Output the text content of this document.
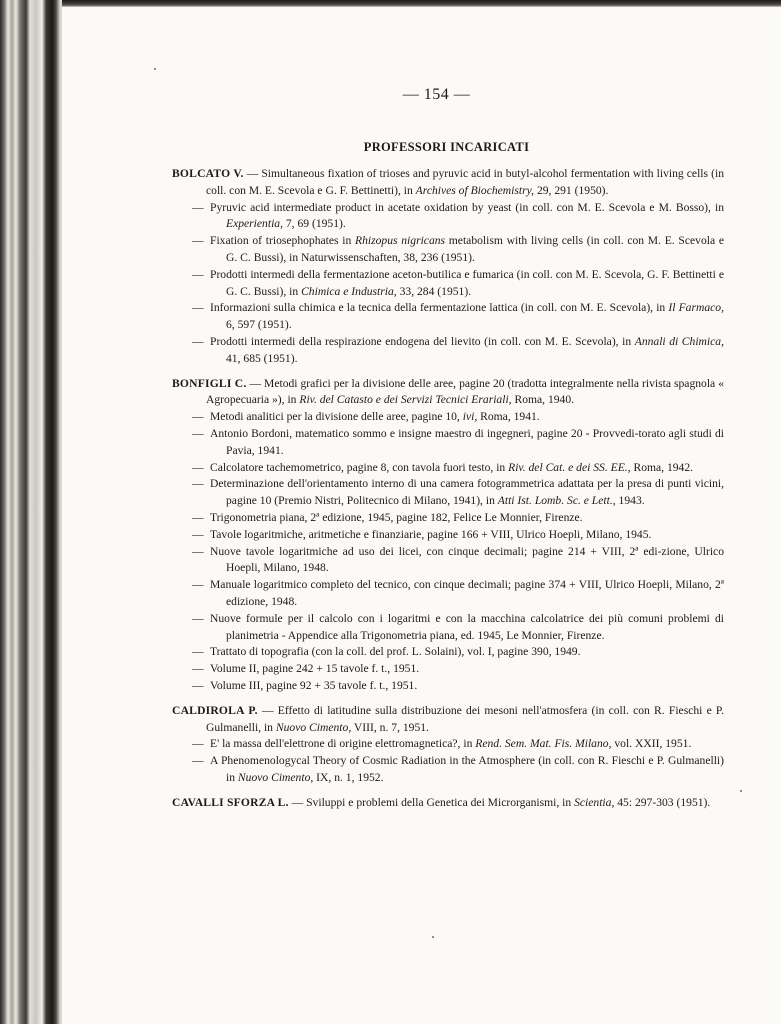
— 154 —
PROFESSORI INCARICATI

BOLCATO V. — Simultaneous fixation of trioses and pyruvic acid in butyl-alcohol fermentation with living cells (in coll. con M. E. Scevola e G. F. Bettinetti), in Archives of Biochemistry, 29, 291 (1950).

— Pyruvic acid intermediate product in acetate oxidation by yeast (in coll. con M. E. Scevola e M. Bosso), in Experientia, 7, 69 (1951).

— Fixation of triosephophates in Rhizopus nigricans metabolism with living cells (in coll. con M. E. Scevola e G. C. Bussi), in Naturwissenschaften, 38, 236 (1951).

— Prodotti intermedi della fermentazione aceton-butilica e fumarica (in coll. con M. E. Scevola, G. F. Bettinetti e G. C. Bussi), in Chimica e Industria, 33, 284 (1951).

— Informazioni sulla chimica e la tecnica della fermentazione lattica (in coll. con M. E. Scevola), in Il Farmaco, 6, 597 (1951).

— Prodotti intermedi della respirazione endogena del lievito (in coll. con M. E. Scevola), in Annali di Chimica, 41, 685 (1951).

BONFIGLI C. — Metodi grafici per la divisione delle aree, pagine 20 (tradotta integralmente nella rivista spagnola « Agropecuaria »), in Riv. del Catasto e dei Servizi Tecnici Erariali, Roma, 1940.

— Metodi analitici per la divisione delle aree, pagine 10, ivi, Roma, 1941.

— Antonio Bordoni, matematico sommo e insigne maestro di ingegneri, pagine 20 - Provvedi-torato agli studi di Pavia, 1941.

— Calcolatore tachemometrico, pagine 8, con tavola fuori testo, in Riv. del Cat. e dei SS. EE., Roma, 1942.

— Determinazione dell'orientamento interno di una camera fotogrammetrica adattata per la presa di punti vicini, pagine 10 (Premio Nistri, Politecnico di Milano, 1941), in Atti Ist. Lomb. Sc. e Lett., 1943.

— Trigonometria piana, 2ª edizione, 1945, pagine 182, Felice Le Monnier, Firenze.

— Tavole logaritmiche, aritmetiche e finanziarie, pagine 166 + VIII, Ulrico Hoepli, Milano, 1945.

— Nuove tavole logaritmiche ad uso dei licei, con cinque decimali; pagine 214 + VIII, 2ª edi-zione, Ulrico Hoepli, Milano, 1948.

— Manuale logaritmico completo del tecnico, con cinque decimali; pagine 374 + VIII, Ulrico Hoepli, Milano, 2ª edizione, 1948.

— Nuove formule per il calcolo con i logaritmi e con la macchina calcolatrice dei più comuni problemi di planimetria - Appendice alla Trigonometria piana, ed. 1945, Le Monnier, Firenze.

— Trattato di topografia (con la coll. del prof. L. Solaini), vol. I, pagine 390, 1949.

— Volume II, pagine 242 + 15 tavole f. t., 1951.

— Volume III, pagine 92 + 35 tavole f. t., 1951.

CALDIROLA P. — Effetto di latitudine sulla distribuzione dei mesoni nell'atmosfera (in coll. con R. Fieschi e P. Gulmanelli, in Nuovo Cimento, VIII, n. 7, 1951.

— E' la massa dell'elettrone di origine elettromagnetica?, in Rend. Sem. Mat. Fis. Milano, vol. XXII, 1951.

— A Phenomenologycal Theory of Cosmic Radiation in the Atmosphere (in coll. con R. Fieschi e P. Gulmanelli) in Nuovo Cimento, IX, n. 1, 1952.

CAVALLI SFORZA L. — Sviluppi e problemi della Genetica dei Microrganismi, in Scientia, 45: 297-303 (1951).
